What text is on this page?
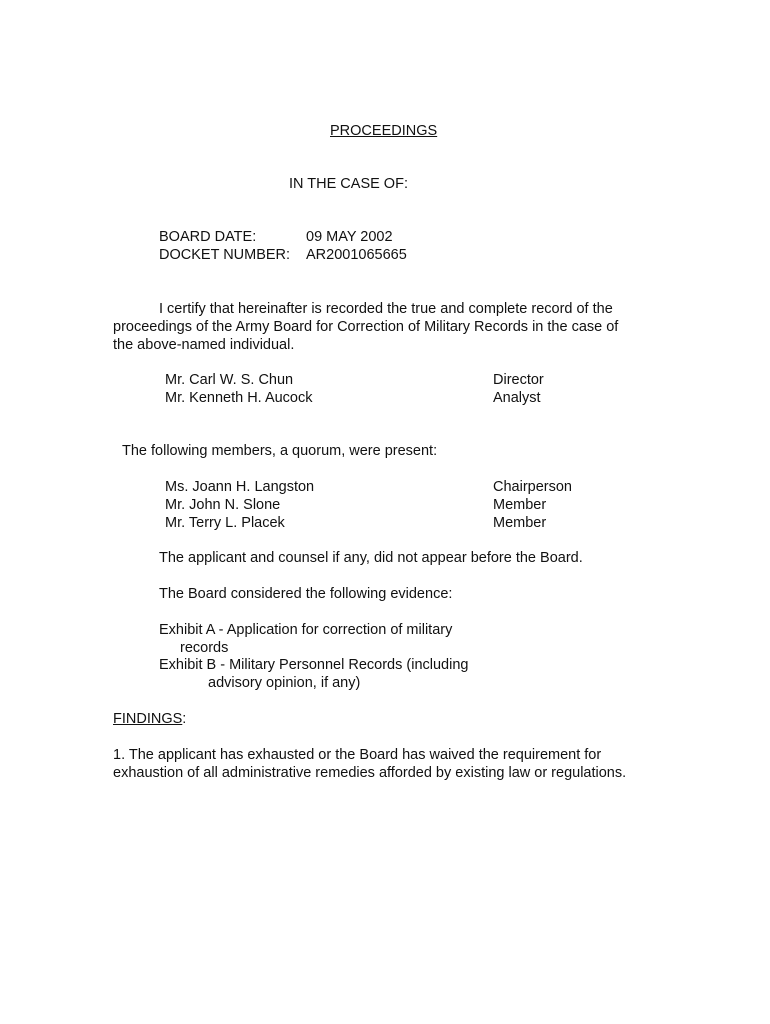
PROCEEDINGS
IN THE CASE OF:
BOARD DATE:	09 MAY 2002
DOCKET NUMBER: AR2001065665
I certify that hereinafter is recorded the true and complete record of the
proceedings of the Army Board for Correction of Military Records in the case of
the above-named individual.
Mr. Carl W. S. Chun	Director
Mr. Kenneth H. Aucock	Analyst
The following members, a quorum, were present:
Ms. Joann H. Langston	Chairperson
Mr. John N. Slone	Member
Mr. Terry L. Placek	Member
The applicant and counsel if any, did not appear before the Board.
The Board considered the following evidence:
Exhibit A - Application for correction of military
records
Exhibit B - Military Personnel Records (including
advisory opinion, if any)
FINDINGS:
1. The applicant has exhausted or the Board has waived the requirement for
exhaustion of all administrative remedies afforded by existing law or regulations.
